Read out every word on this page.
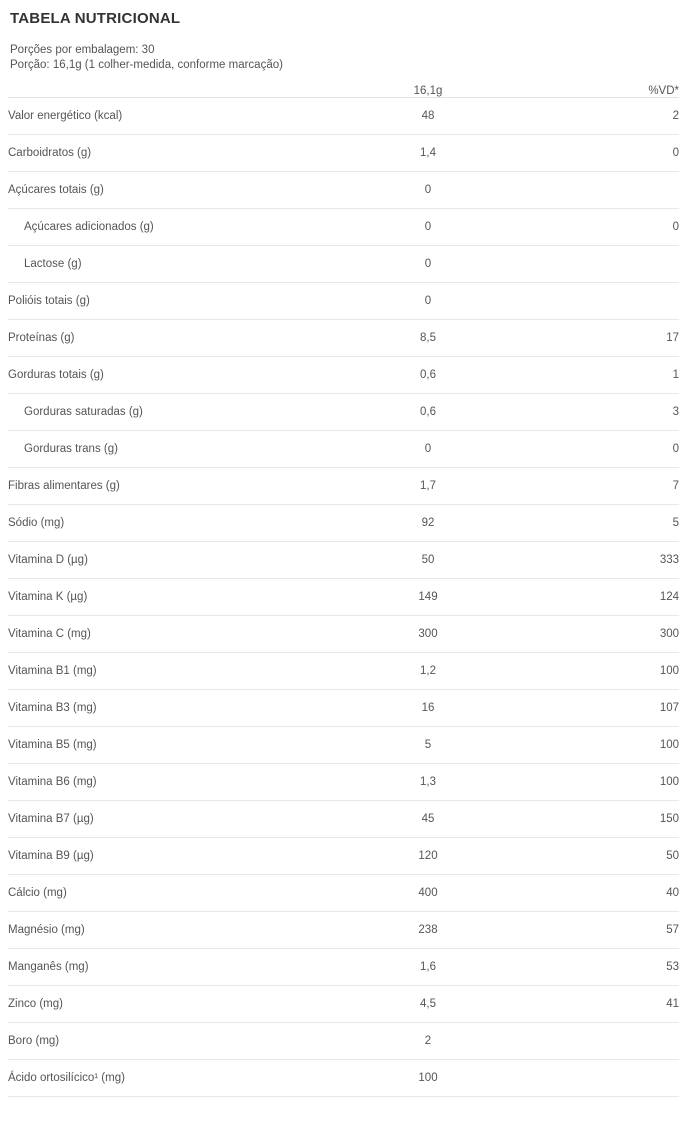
TABELA NUTRICIONAL
Porções por embalagem: 30
Porção: 16,1g (1 colher-medida, conforme marcação)
	16,1g	%VD*
Valor energético (kcal)	48	2
Carboidratos (g)	1,4	0
Açúcares totais (g)	0	
Açúcares adicionados (g)	0	0
Lactose (g)	0	
Polióis totais (g)	0	
Proteínas (g)	8,5	17
Gorduras totais (g)	0,6	1
Gorduras saturadas (g)	0,6	3
Gorduras trans (g)	0	0
Fibras alimentares (g)	1,7	7
Sódio (mg)	92	5
Vitamina D (µg)	50	333
Vitamina K (µg)	149	124
Vitamina C (mg)	300	300
Vitamina B1 (mg)	1,2	100
Vitamina B3 (mg)	16	107
Vitamina B5 (mg)	5	100
Vitamina B6 (mg)	1,3	100
Vitamina B7 (µg)	45	150
Vitamina B9 (µg)	120	50
Cálcio (mg)	400	40
Magnésio (mg)	238	57
Manganês (mg)	1,6	53
Zinco (mg)	4,5	41
Boro (mg)	2	
Ácido ortosilícico¹ (mg)	100	
